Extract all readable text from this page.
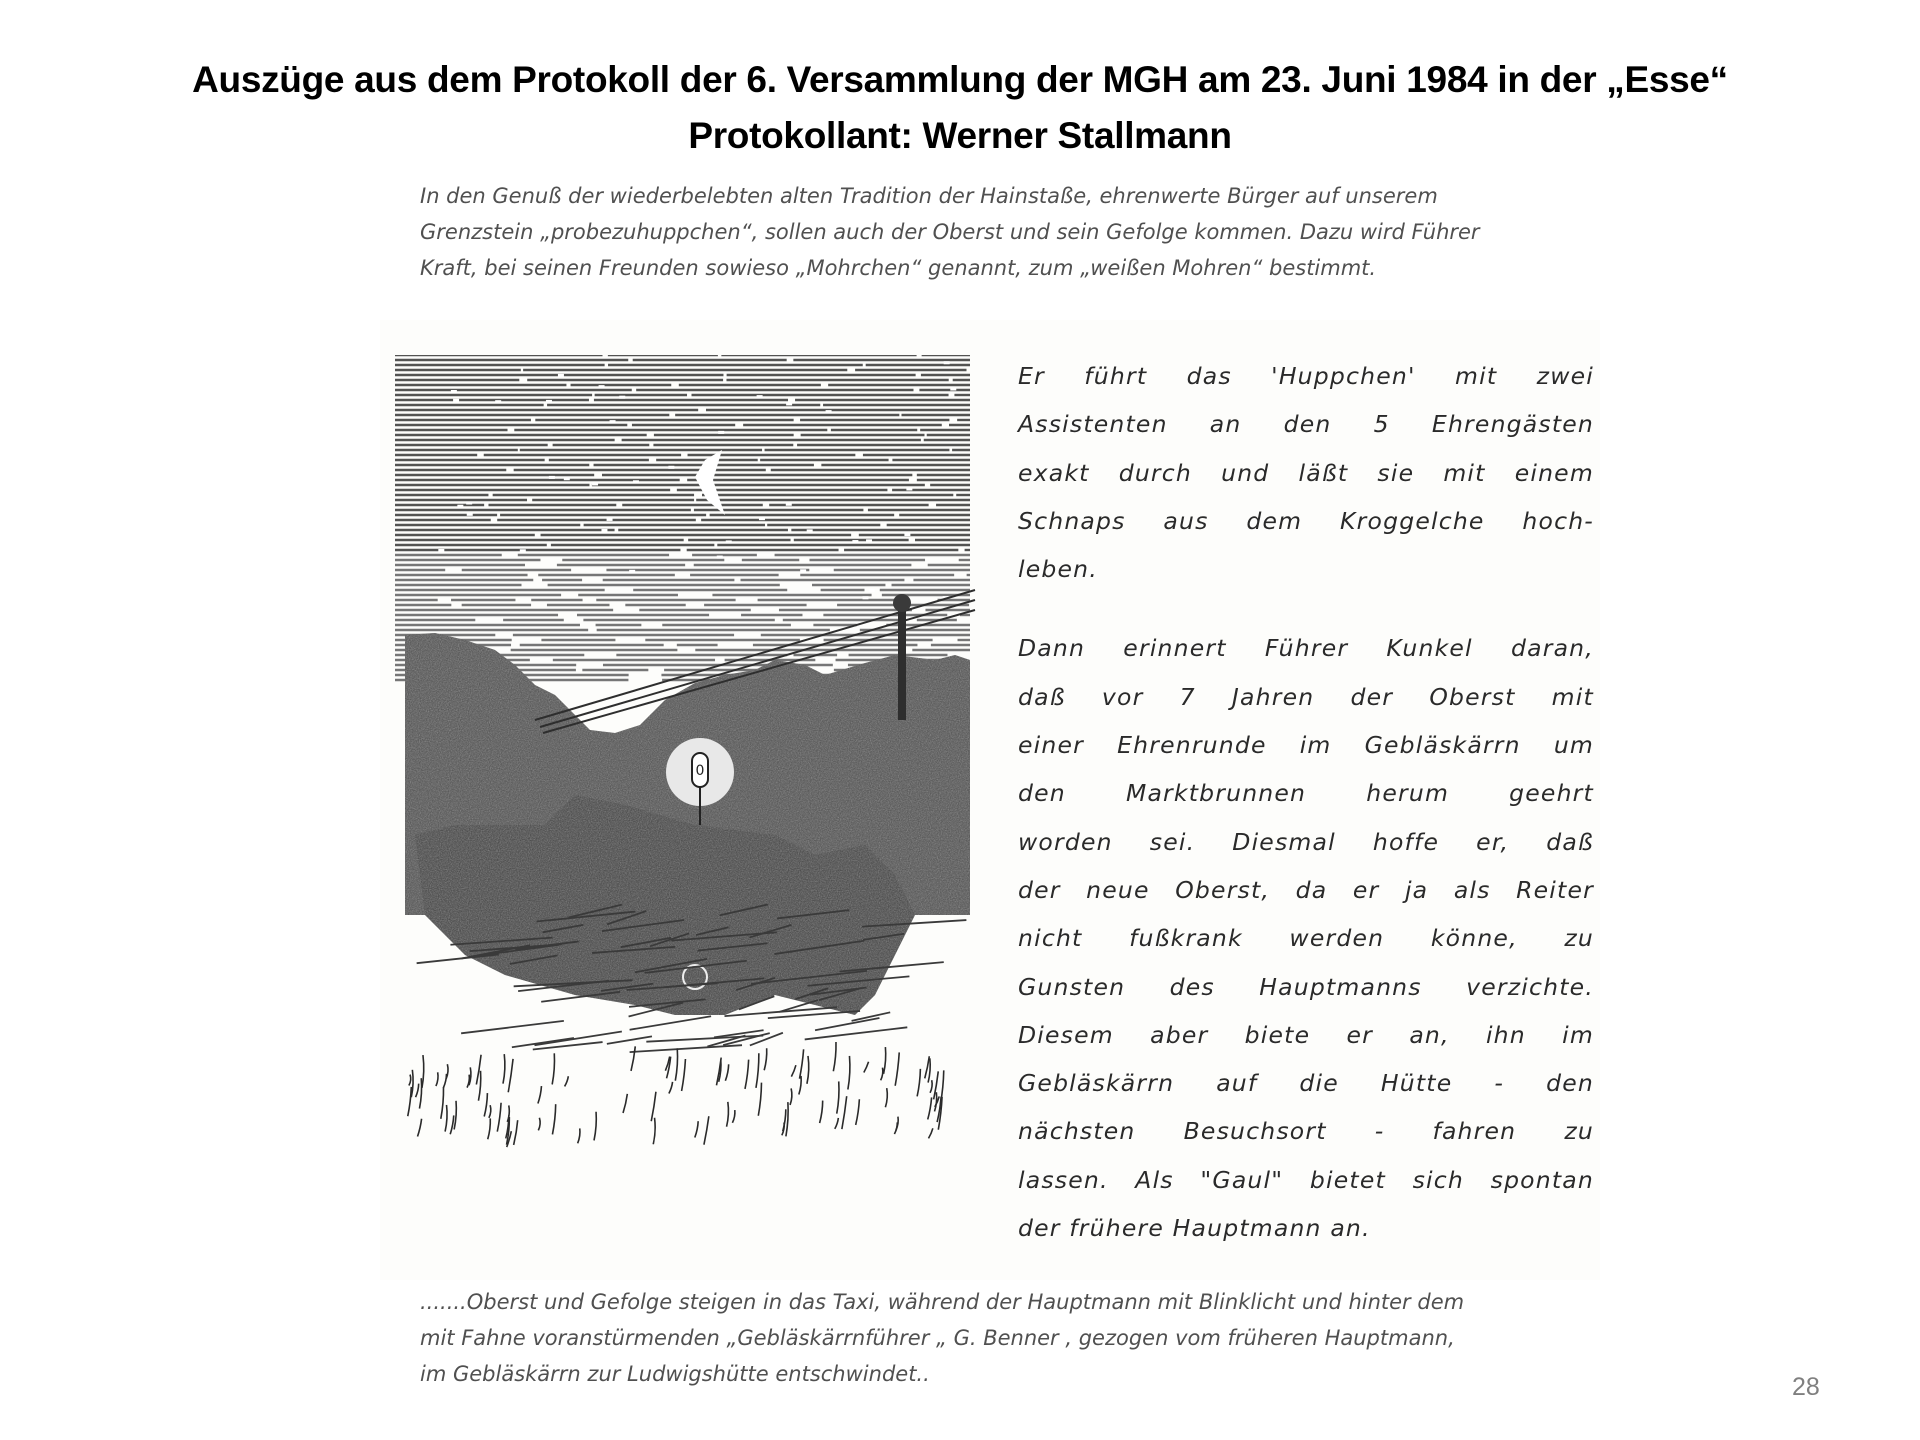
Auszüge aus dem Protokoll der 6. Versammlung der MGH am 23. Juni 1984 in der „Esse“
Protokollant: Werner Stallmann
In den Genuß der wiederbelebten alten Tradition der Hainstaße, ehrenwerte Bürger auf unserem
Grenzstein „probezuhuppchen“, sollen auch der Oberst und sein Gefolge kommen. Dazu wird Führer
Kraft, bei seinen Freunden sowieso „Mohrchen“ genannt, zum „weißen Mohren“ bestimmt.
0
Er führt das 'Huppchen' mit zwei
Assistenten an den 5 Ehrengästen
exakt durch und läßt sie mit einem
Schnaps aus dem Kroggelche hoch-
leben.
Dann erinnert Führer Kunkel daran,
daß vor 7 Jahren der Oberst mit
einer Ehrenrunde im Gebläskärrn um
den	Marktbrunnen	herum	geehrt
worden sei. Diesmal hoffe er, daß
der neue Oberst, da er ja als Reiter
nicht fußkrank werden könne, zu
Gunsten des Hauptmanns verzichte.
Diesem aber biete er an, ihn im
Gebläskärrn auf die Hütte - den
nächsten Besuchsort - fahren zu
lassen. Als "Gaul" bietet sich spontan
der frühere Hauptmann an.
.......Oberst und Gefolge steigen in das Taxi, während der Hauptmann mit Blinklicht und hinter dem
mit Fahne voranstürmenden „Gebläskärrnführer „ G. Benner , gezogen vom früheren Hauptmann,
im Gebläskärrn zur Ludwigshütte entschwindet..	28
